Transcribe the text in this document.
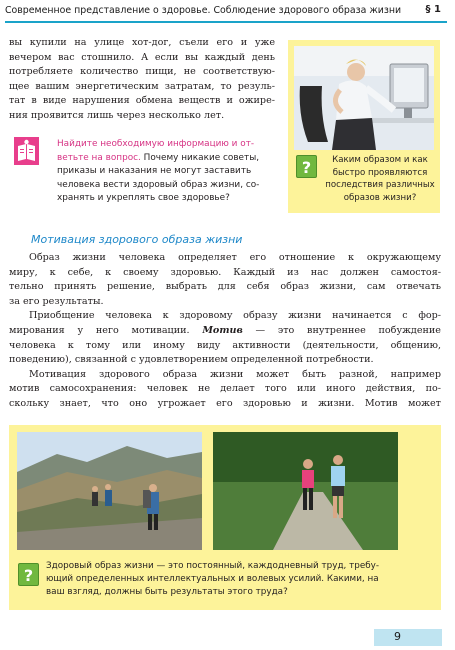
Современное представление о здоровье. Соблюдение здорового образа жизни § 1
вы купили на улице хот-дог, съели его и уже
вечером вас стошнило. А если вы каждый день
потребляете количество пищи, не соответствую-
щее вашим энергетическим затратам, то резуль-
тат в виде нарушения обмена веществ и ожире-
ния проявится лишь через несколько лет.
Найдите необходимую информацию и от-
ветьте на вопрос. Почему никакие советы,
приказы и наказания не могут заставить
человека вести здоровый образ жизни, со-
хранять и укреплять свое здоровье?
?	Каким образом и как
быстро проявляются
последствия различных
образов жизни?
Мотивация здорового образа жизни
Образ жизни человека определяет его отношение к окружающему
миру, к себе, к своему здоровью. Каждый из нас должен самостоя-
тельно принять решение, выбрать для себя образ жизни, сам отвечать
за его результаты.
Приобщение человека к здоровому образу жизни начинается с фор-
мирования у него мотивации. Мотив — это внутреннее побуждение
человека к тому или иному виду активности (деятельности, общению,
поведению), связанной с удовлетворением определенной потребности.
Мотивация здорового образа жизни может быть разной, например
мотив самосохранения: человек не делает того или иного действия, по-
скольку знает, что оно угрожает его здоровью и жизни. Мотив может
?	Здоровый образ жизни — это постоянный, каждодневный труд, требу-
ющий определенных интеллектуальных и волевых усилий. Какими, на
ваш взгляд, должны быть результаты этого труда?
9
